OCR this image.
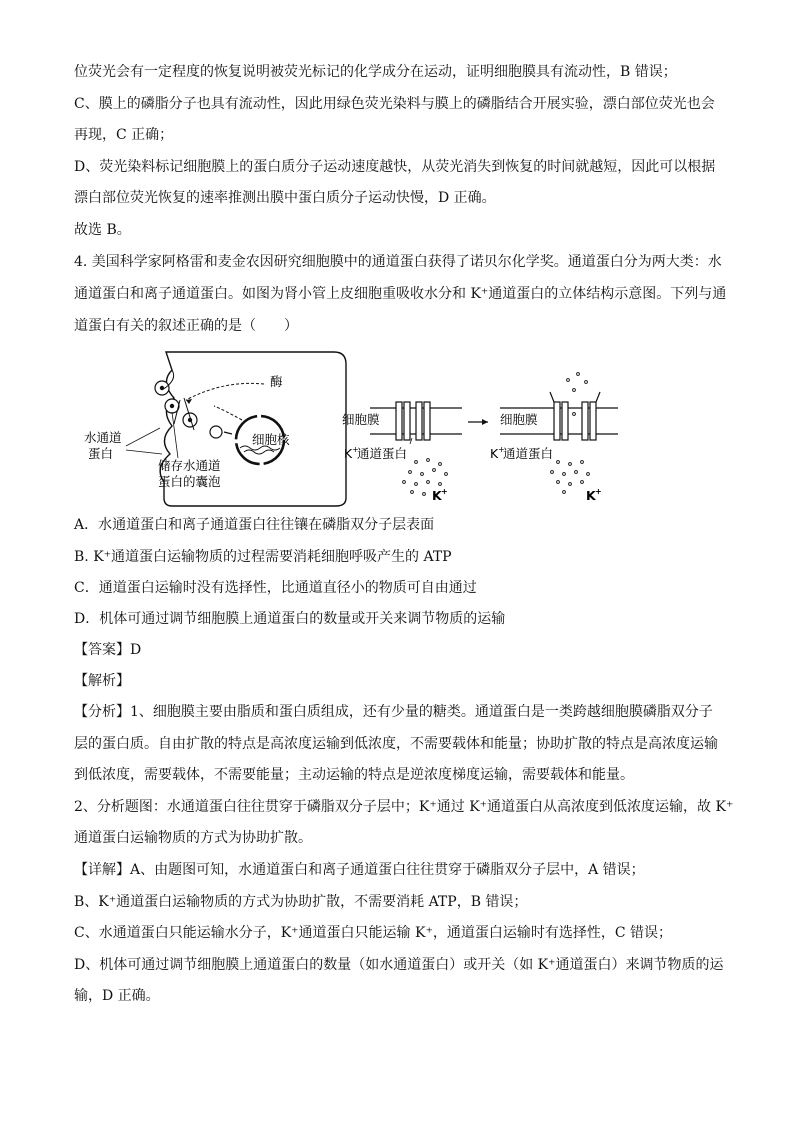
位荧光会有一定程度的恢复说明被荧光标记的化学成分在运动，证明细胞膜具有流动性，B 错误；
C、膜上的磷脂分子也具有流动性，因此用绿色荧光染料与膜上的磷脂结合开展实验，漂白部位荧光也会
再现，C 正确；
D、荧光染料标记细胞膜上的蛋白质分子运动速度越快，从荧光消失到恢复的时间就越短，因此可以根据
漂白部位荧光恢复的速率推测出膜中蛋白质分子运动快慢，D 正确。
故选 B。
4. 美国科学家阿格雷和麦金农因研究细胞膜中的通道蛋白获得了诺贝尔化学奖。通道蛋白分为两大类：水
通道蛋白和离子通道蛋白。如图为肾小管上皮细胞重吸收水分和 K⁺通道蛋白的立体结构示意图。下列与通
道蛋白有关的叙述正确的是（　　）
酶
细胞核
水通道
蛋白
储存水通道
蛋白的囊泡
细胞膜
K +
通道蛋白
K +
细胞膜
K +
通道蛋白
K +
A．水通道蛋白和离子通道蛋白往往镶在磷脂双分子层表面
B. K⁺通道蛋白运输物质的过程需要消耗细胞呼吸产生的 ATP
C．通道蛋白运输时没有选择性，比通道直径小的物质可自由通过
D．机体可通过调节细胞膜上通道蛋白的数量或开关来调节物质的运输
【答案】D
【解析】
【分析】1、细胞膜主要由脂质和蛋白质组成，还有少量的糖类。通道蛋白是一类跨越细胞膜磷脂双分子
层的蛋白质。自由扩散的特点是高浓度运输到低浓度，不需要载体和能量；协助扩散的特点是高浓度运输
到低浓度，需要载体，不需要能量；主动运输的特点是逆浓度梯度运输，需要载体和能量。
2、分析题图：水通道蛋白往往贯穿于磷脂双分子层中；K⁺通过 K⁺通道蛋白从高浓度到低浓度运输，故 K⁺
通道蛋白运输物质的方式为协助扩散。
【详解】A、由题图可知，水通道蛋白和离子通道蛋白往往贯穿于磷脂双分子层中，A 错误；
B、K⁺通道蛋白运输物质的方式为协助扩散，不需要消耗 ATP，B 错误；
C、水通道蛋白只能运输水分子，K⁺通道蛋白只能运输 K⁺，通道蛋白运输时有选择性，C 错误；
D、机体可通过调节细胞膜上通道蛋白的数量（如水通道蛋白）或开关（如 K⁺通道蛋白）来调节物质的运
输，D 正确。
